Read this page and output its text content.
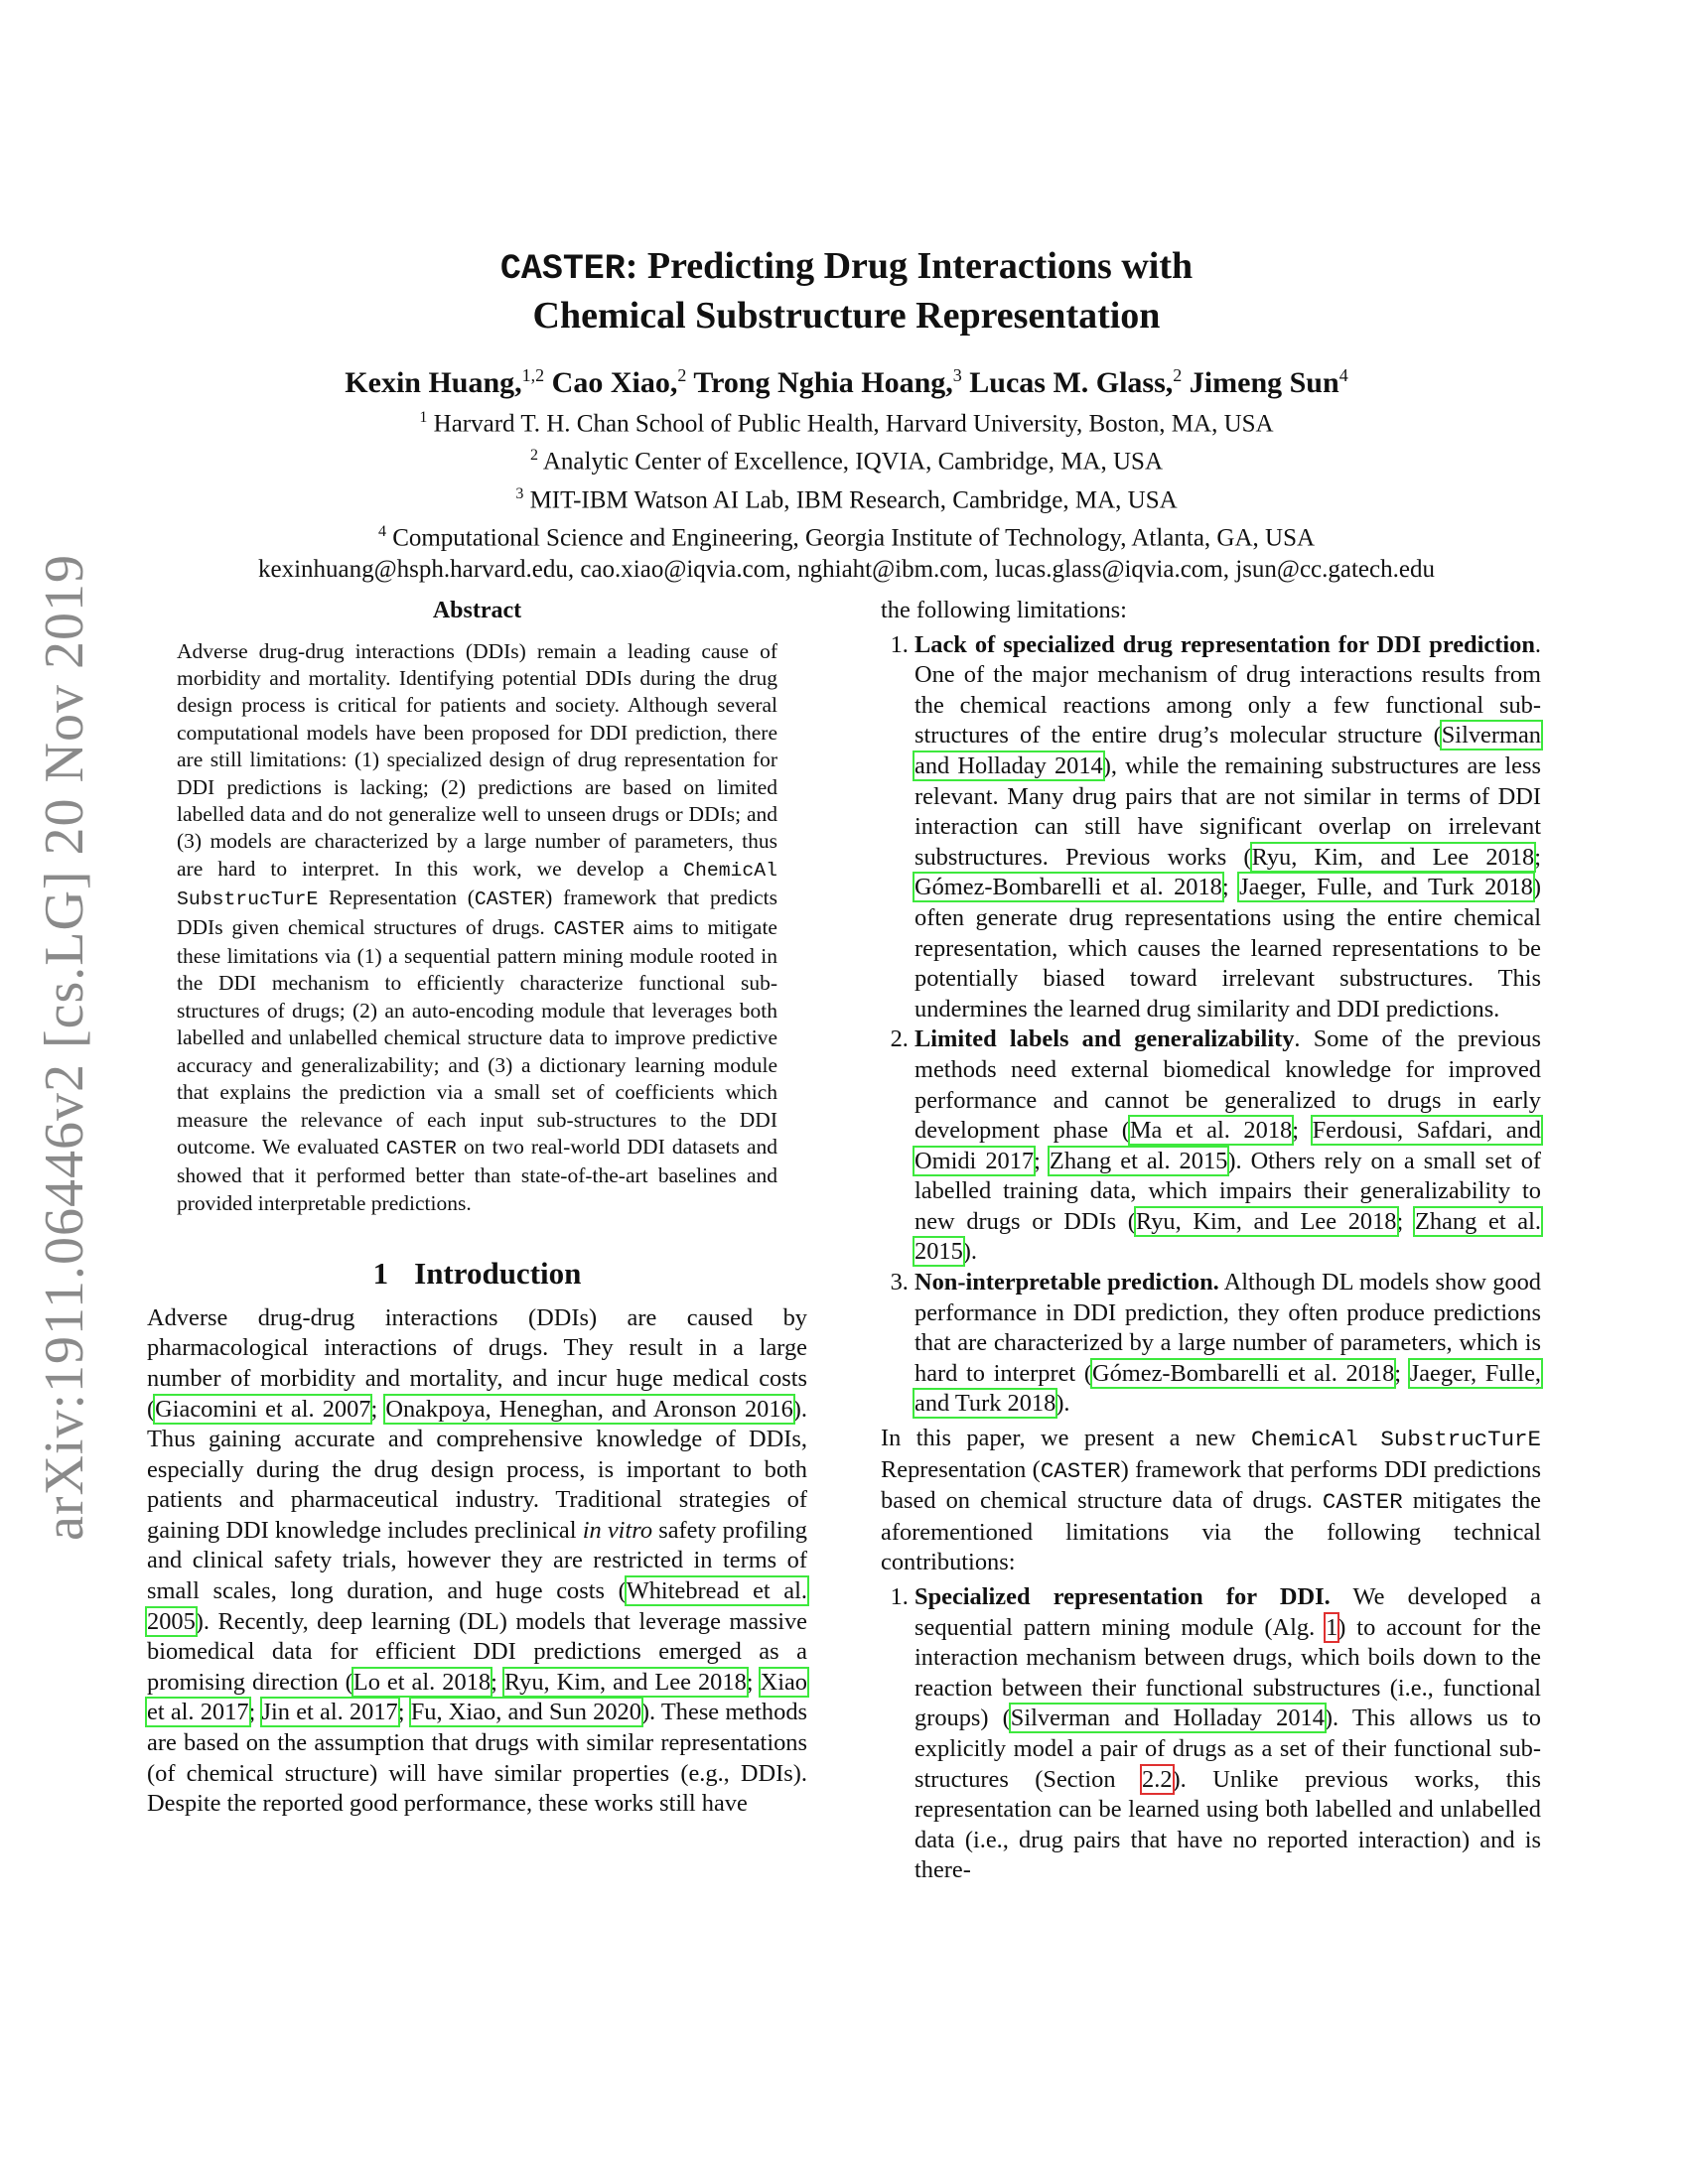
arXiv:1911.06446v2 [cs.LG] 20 Nov 2019
CASTER: Predicting Drug Interactions with
Chemical Substructure Representation
Kexin Huang,$^{1,2}$ Cao Xiao,$^2$ Trong Nghia Hoang,$^3$ Lucas M. Glass,$^2$ Jimeng Sun$^4$
$^1$ Harvard T. H. Chan School of Public Health, Harvard University, Boston, MA, USA
$^2$ Analytic Center of Excellence, IQVIA, Cambridge, MA, USA
$^3$ MIT-IBM Watson AI Lab, IBM Research, Cambridge, MA, USA
$^4$ Computational Science and Engineering, Georgia Institute of Technology, Atlanta, GA, USA
kexinhuang@hsph.harvard.edu, cao.xiao@iqvia.com, nghiaht@ibm.com, lucas.glass@iqvia.com, jsun@cc.gatech.edu
Abstract

Adverse drug-drug interactions (DDIs) remain a leading cause of morbidity and mortality. Identifying potential DDIs during the drug design process is critical for patients and society. Although several computational models have been proposed for DDI prediction, there are still limitations: (1) specialized design of drug representation for DDI predictions is lacking; (2) predictions are based on limited labelled data and do not generalize well to unseen drugs or DDIs; and (3) models are characterized by a large number of parameters, thus are hard to interpret. In this work, we develop a ChemicAl SubstrucTurE Representation (CASTER) framework that predicts DDIs given chemical structures of drugs. CASTER aims to mitigate these limitations via (1) a sequential pattern mining module rooted in the DDI mechanism to efficiently characterize functional sub-structures of drugs; (2) an auto-encoding module that leverages both labelled and unlabelled chemical structure data to improve predictive accuracy and generalizability; and (3) a dictionary learning module that explains the prediction via a small set of coefficients which measure the relevance of each input sub-structures to the DDI outcome. We evaluated CASTER on two real-world DDI datasets and showed that it performed better than state-of-the-art baselines and provided interpretable predictions.

1 Introduction

Adverse drug-drug interactions (DDIs) are caused by pharmacological interactions of drugs. They result in a large number of morbidity and mortality, and incur huge medical costs (Giacomini et al. 2007; Onakpoya, Heneghan, and Aronson 2016). Thus gaining accurate and comprehensive knowledge of DDIs, especially during the drug design process, is important to both patients and pharmaceutical industry. Traditional strategies of gaining DDI knowledge includes preclinical in vitro safety profiling and clinical safety trials, however they are restricted in terms of small scales, long duration, and huge costs (Whitebread et al. 2005). Recently, deep learning (DL) models that leverage massive biomedical data for efficient DDI predictions emerged as a promising direction (Lo et al. 2018; Ryu, Kim, and Lee 2018; Xiao et al. 2017; Jin et al. 2017; Fu, Xiao, and Sun 2020). These methods are based on the assumption that drugs with similar representations (of chemical structure) will have similar properties (e.g., DDIs). Despite the reported good performance, these works still have

the following limitations:

1. Lack of specialized drug representation for DDI prediction. One of the major mechanism of drug interactions results from the chemical reactions among only a few functional sub-structures of the entire drug’s molecular structure (Silverman and Holladay 2014), while the remaining substructures are less relevant. Many drug pairs that are not similar in terms of DDI interaction can still have significant overlap on irrelevant substructures. Previous works (Ryu, Kim, and Lee 2018; Gómez-Bombarelli et al. 2018; Jaeger, Fulle, and Turk 2018) often generate drug representations using the entire chemical representation, which causes the learned representations to be potentially biased toward irrelevant substructures. This undermines the learned drug similarity and DDI predictions.
2. Limited labels and generalizability. Some of the previous methods need external biomedical knowledge for improved performance and cannot be generalized to drugs in early development phase (Ma et al. 2018; Ferdousi, Safdari, and Omidi 2017; Zhang et al. 2015). Others rely on a small set of labelled training data, which impairs their generalizability to new drugs or DDIs (Ryu, Kim, and Lee 2018; Zhang et al. 2015).
3. Non-interpretable prediction. Although DL models show good performance in DDI prediction, they often produce predictions that are characterized by a large number of parameters, which is hard to interpret (Gómez-Bombarelli et al. 2018; Jaeger, Fulle, and Turk 2018).

In this paper, we present a new ChemicAl SubstrucTurE Representation (CASTER) framework that performs DDI predictions based on chemical structure data of drugs. CASTER mitigates the aforementioned limitations via the following technical contributions:

1. Specialized representation for DDI. We developed a sequential pattern mining module (Alg. 1) to account for the interaction mechanism between drugs, which boils down to the reaction between their functional substructures (i.e., functional groups) (Silverman and Holladay 2014). This allows us to explicitly model a pair of drugs as a set of their functional sub-structures (Section 2.2). Unlike previous works, this representation can be learned using both labelled and unlabelled data (i.e., drug pairs that have no reported interaction) and is there-
